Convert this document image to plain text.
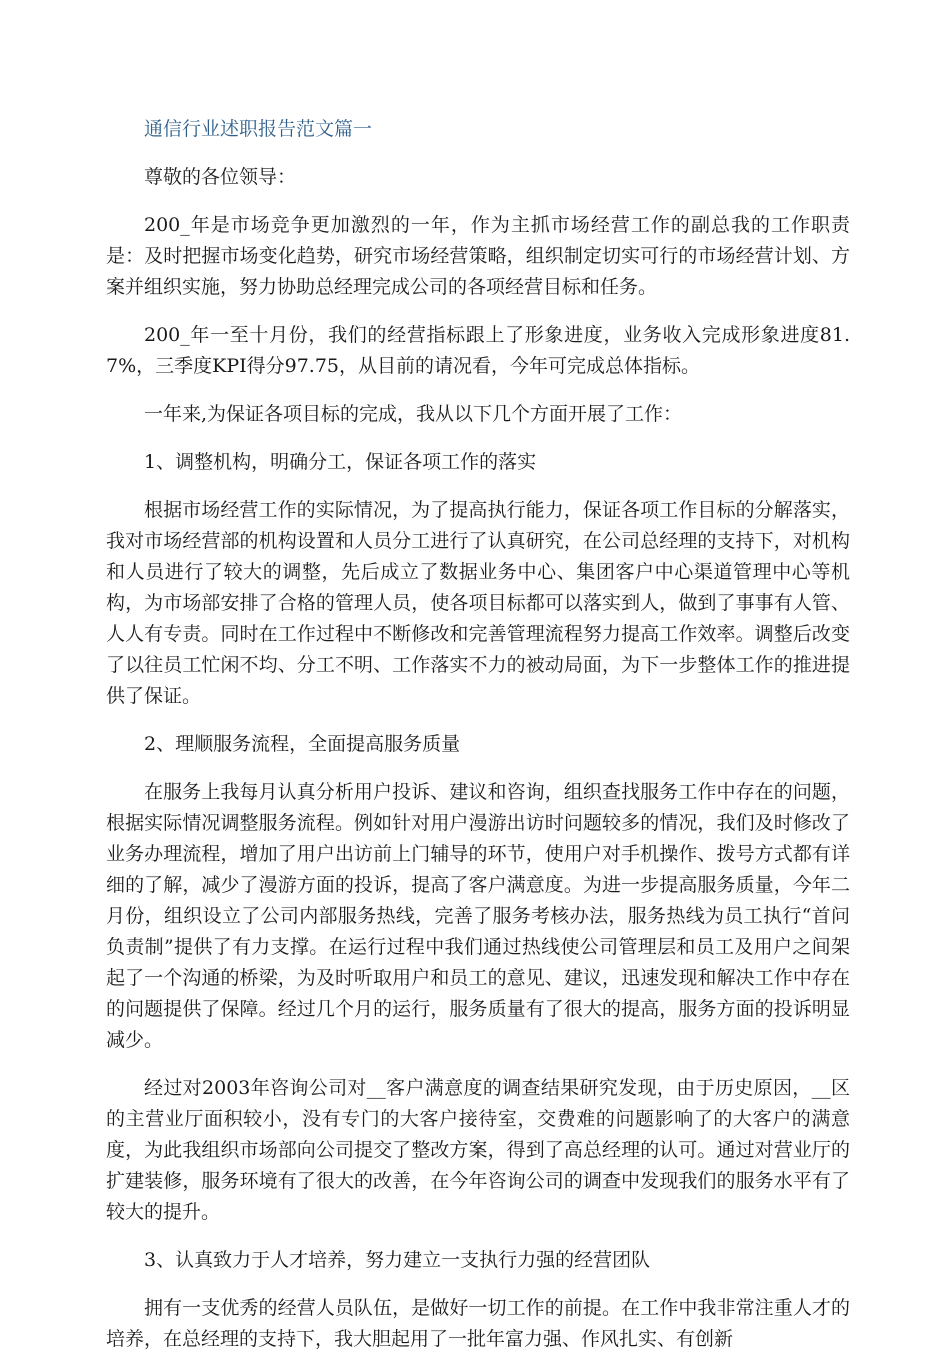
通信行业述职报告范文篇一

尊敬的各位领导：

200_年是市场竞争更加激烈的一年，作为主抓市场经营工作的副总我的工作职责是：及时把握市场变化趋势，研究市场经营策略，组织制定切实可行的市场经营计划、方案并组织实施，努力协助总经理完成公司的各项经营目标和任务。

200_年一至十月份，我们的经营指标跟上了形象进度，业务收入完成形象进度81.7%，三季度KPI得分97.75，从目前的请况看，今年可完成总体指标。

一年来,为保证各项目标的完成，我从以下几个方面开展了工作：

1、调整机构，明确分工，保证各项工作的落实

根据市场经营工作的实际情况，为了提高执行能力，保证各项工作目标的分解落实，我对市场经营部的机构设置和人员分工进行了认真研究，在公司总经理的支持下，对机构和人员进行了较大的调整，先后成立了数据业务中心、集团客户中心渠道管理中心等机构，为市场部安排了合格的管理人员，使各项目标都可以落实到人，做到了事事有人管、人人有专责。同时在工作过程中不断修改和完善管理流程努力提高工作效率。调整后改变了以往员工忙闲不均、分工不明、工作落实不力的被动局面，为下一步整体工作的推进提供了保证。

2、理顺服务流程，全面提高服务质量

在服务上我每月认真分析用户投诉、建议和咨询，组织查找服务工作中存在的问题，根据实际情况调整服务流程。例如针对用户漫游出访时问题较多的情况，我们及时修改了业务办理流程，增加了用户出访前上门辅导的环节，使用户对手机操作、拨号方式都有详细的了解，减少了漫游方面的投诉，提高了客户满意度。为进一步提高服务质量，今年二月份，组织设立了公司内部服务热线，完善了服务考核办法，服务热线为员工执行“首问负责制”提供了有力支撑。在运行过程中我们通过热线使公司管理层和员工及用户之间架起了一个沟通的桥梁，为及时听取用户和员工的意见、建议，迅速发现和解决工作中存在的问题提供了保障。经过几个月的运行，服务质量有了很大的提高，服务方面的投诉明显减少。

经过对2003年咨询公司对__客户满意度的调查结果研究发现，由于历史原因，__区的主营业厅面积较小，没有专门的大客户接待室，交费难的问题影响了的大客户的满意度，为此我组织市场部向公司提交了整改方案，得到了高总经理的认可。通过对营业厅的扩建装修，服务环境有了很大的改善，在今年咨询公司的调查中发现我们的服务水平有了较大的提升。

3、认真致力于人才培养，努力建立一支执行力强的经营团队

拥有一支优秀的经营人员队伍，是做好一切工作的前提。在工作中我非常注重人才的培养，在总经理的支持下，我大胆起用了一批年富力强、作风扎实、有创新
